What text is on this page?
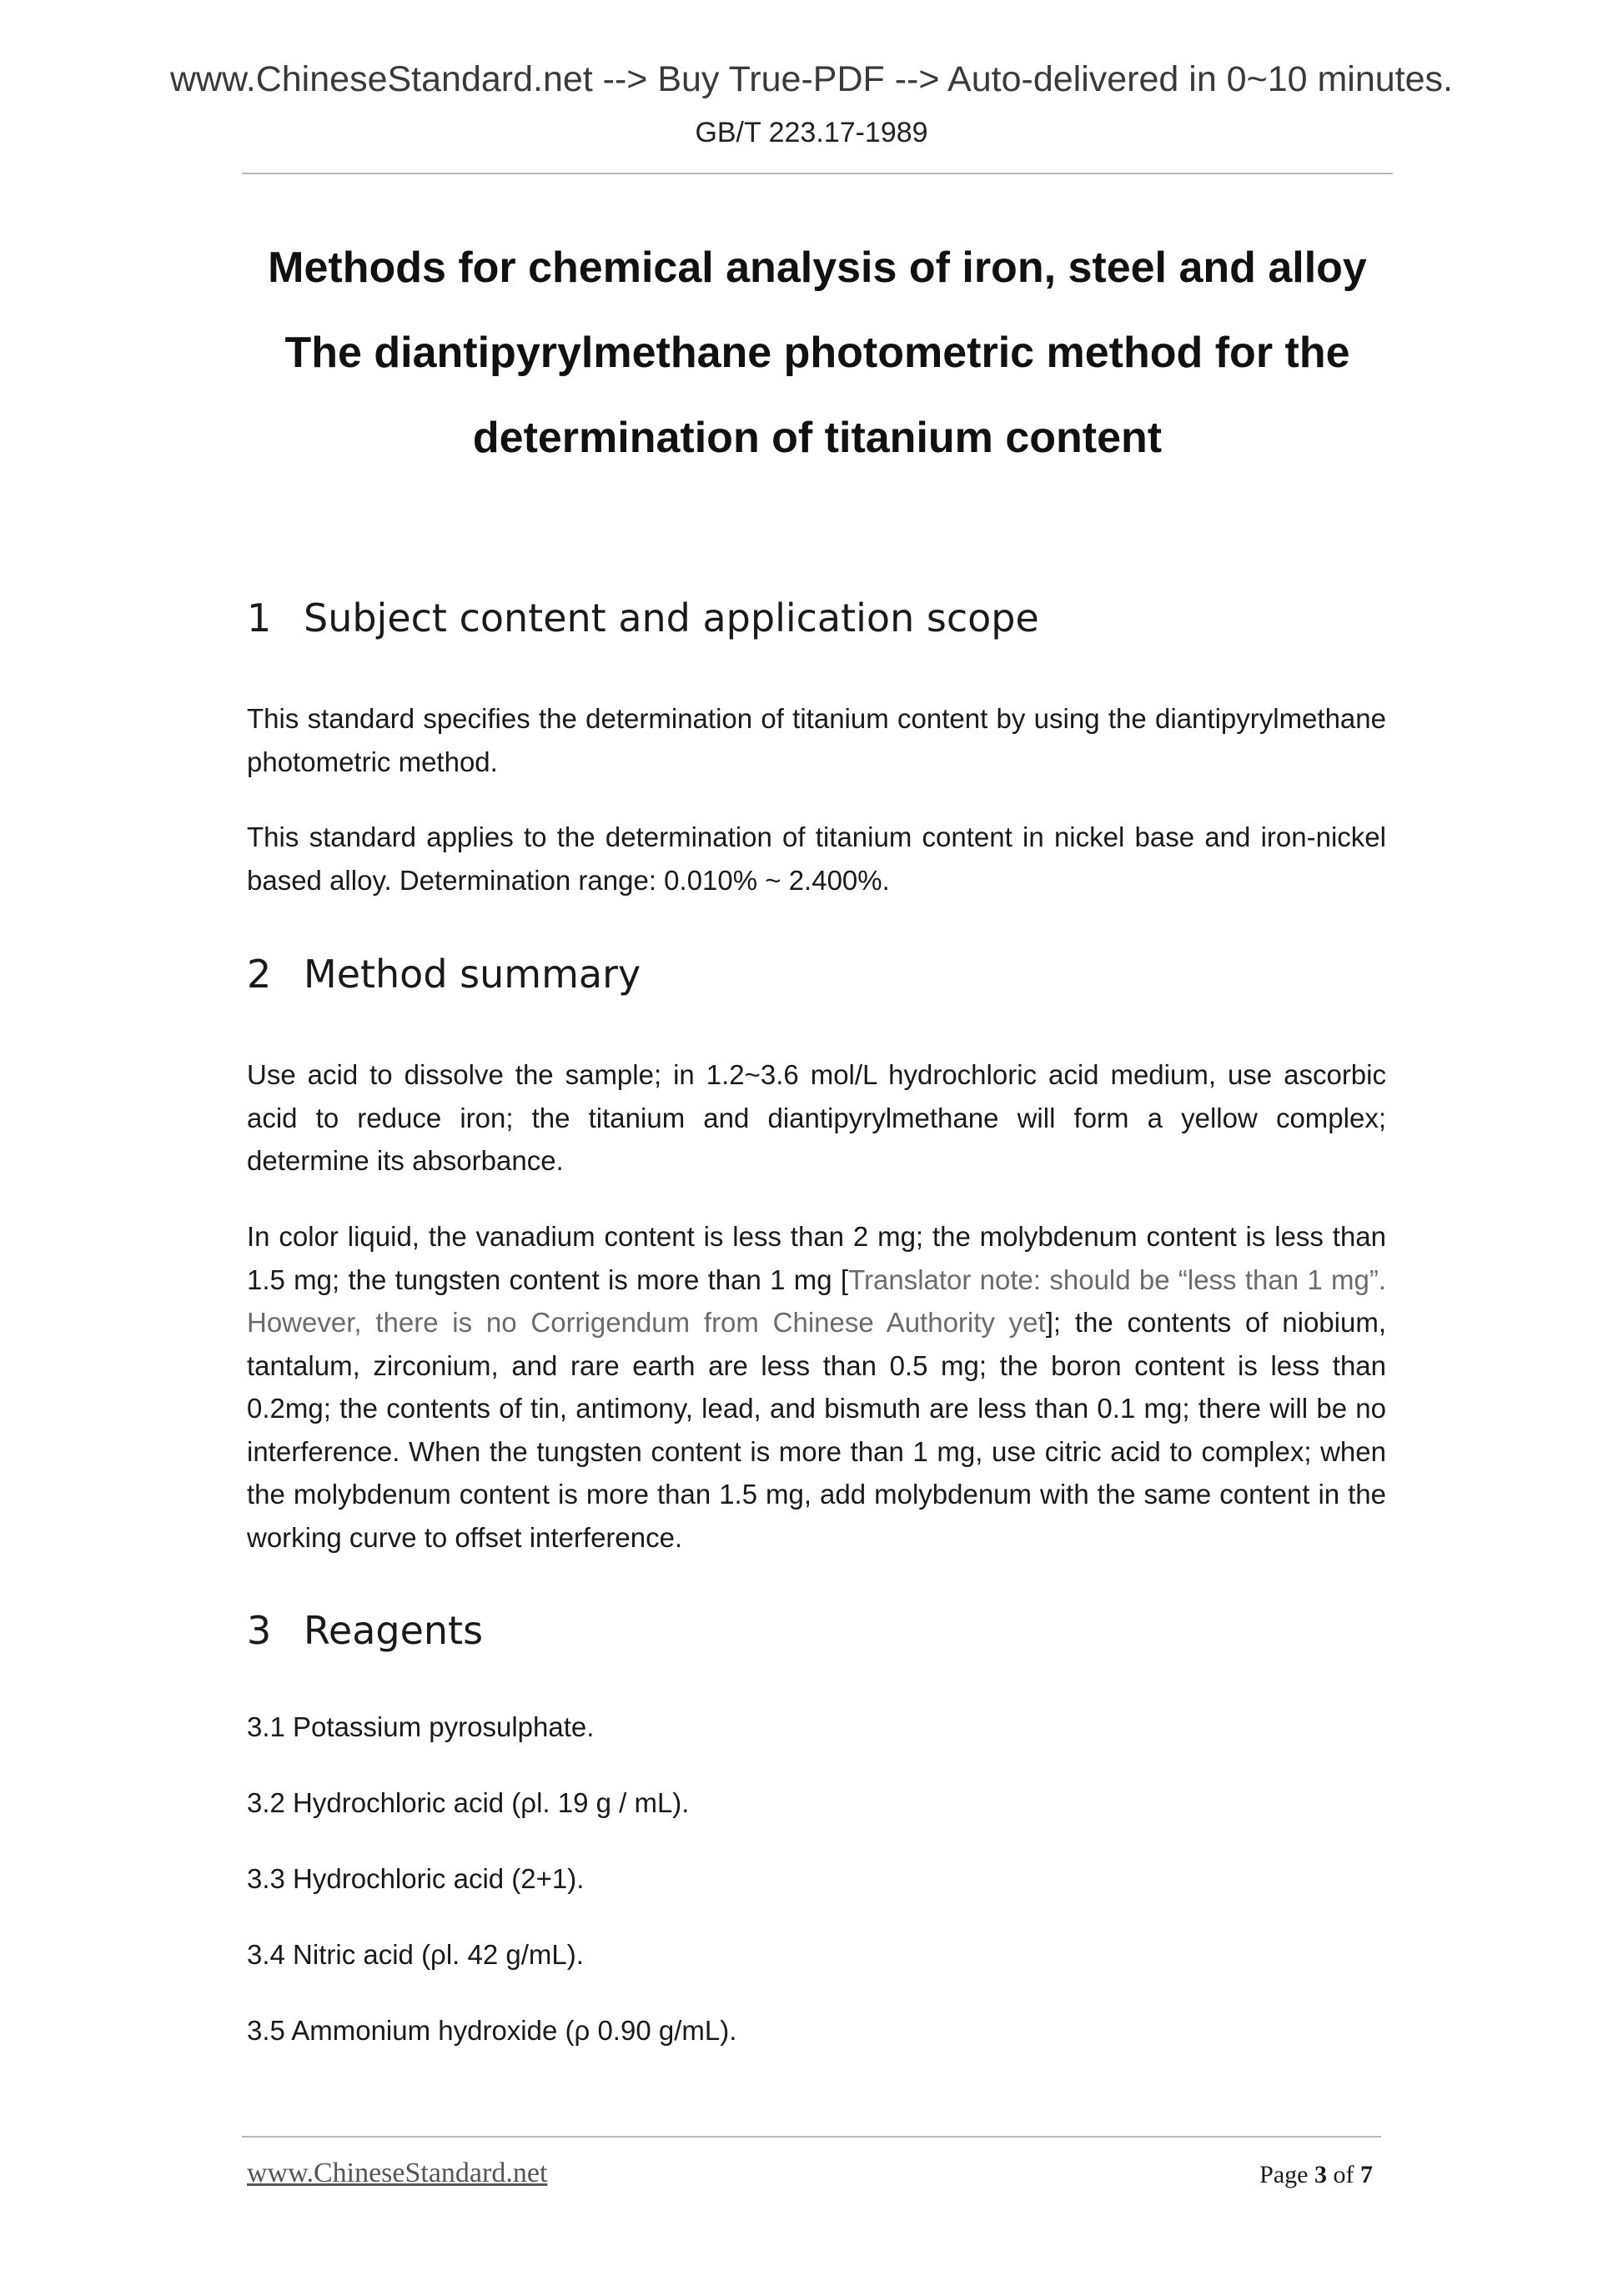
www.ChineseStandard.net --> Buy True-PDF --> Auto-delivered in 0~10 minutes.
GB/T 223.17-1989
Methods for chemical analysis of iron, steel and alloy
The diantipyrylmethane photometric method for the
determination of titanium content
1 Subject content and application scope
This standard specifies the determination of titanium content by using the diantipyrylmethane photometric method.
This standard applies to the determination of titanium content in nickel base and iron-nickel based alloy. Determination range: 0.010% ~ 2.400%.
2 Method summary
Use acid to dissolve the sample; in 1.2~3.6 mol/L hydrochloric acid medium, use ascorbic acid to reduce iron; the titanium and diantipyrylmethane will form a yellow complex; determine its absorbance.
In color liquid, the vanadium content is less than 2 mg; the molybdenum content is less than 1.5 mg; the tungsten content is more than 1 mg [Translator note: should be “less than 1 mg”. However, there is no Corrigendum from Chinese Authority yet]; the contents of niobium, tantalum, zirconium, and rare earth are less than 0.5 mg; the boron content is less than 0.2mg; the contents of tin, antimony, lead, and bismuth are less than 0.1 mg; there will be no interference. When the tungsten content is more than 1 mg, use citric acid to complex; when the molybdenum content is more than 1.5 mg, add molybdenum with the same content in the working curve to offset interference.
3 Reagents
3.1 Potassium pyrosulphate.
3.2 Hydrochloric acid (ρl. 19 g / mL).
3.3 Hydrochloric acid (2+1).
3.4 Nitric acid (ρl. 42 g/mL).
3.5 Ammonium hydroxide (ρ 0.90 g/mL).
www.ChineseStandard.net	Page 3 of 7
